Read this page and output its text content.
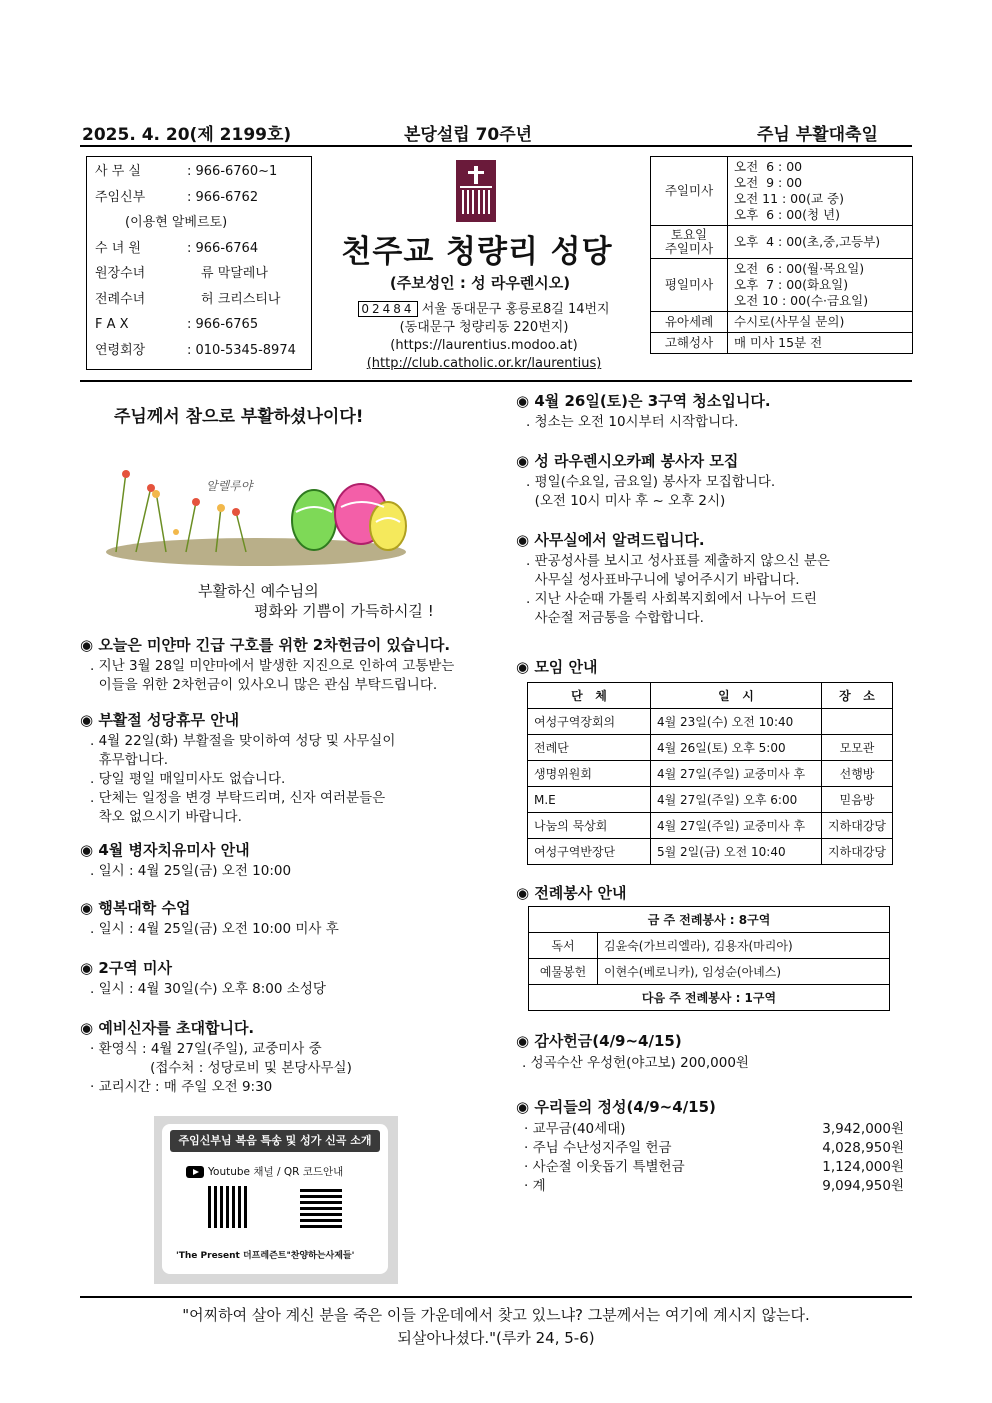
2025. 4. 20(제 2199호)	본당설립 70주년	주님 부활대축일
사 무 실	: 966-6760~1
주임신부	: 966-6762
(이용현 알베르토)
수 녀 원	: 966-6764
원장수녀	류 막달레나
전례수녀	허 크리스티나
F A X	: 966-6765
연령회장	: 010-5345-8974
천주교 청량리 성당
(주보성인 : 성 라우렌시오)
02484 서울 동대문구 홍릉로8길 14번지
(동대문구 청량리동 220번지)
(https://laurentius.modoo.at)
(http://club.catholic.or.kr/laurentius)
주일미사	오전  6 : 00
오전  9 : 00
오전 11 : 00(교 중)
오후  6 : 00(청 년)

토요일
주일미사	오후  4 : 00(초,중,고등부)

평일미사	오전  6 : 00(월·목요일)
오후  7 : 00(화요일)
오전 10 : 00(수·금요일)

유아세례	수시로(사무실 문의)

고해성사	매 미사 15분 전
주님께서 참으로 부활하셨나이다!
알렐루야
부활하신 예수님의
평화와 기쁨이 가득하시길 !
◉ 오늘은 미얀마 긴급 구호를 위한 2차헌금이 있습니다.
. 지난 3월 28일 미얀마에서 발생한 지진으로 인하여 고통받는
이들을 위한 2차헌금이 있사오니 많은 관심 부탁드립니다.
◉ 부활절 성당휴무 안내
. 4월 22일(화) 부활절을 맞이하여 성당 및 사무실이
휴무합니다.
. 당일 평일 매일미사도 없습니다.
. 단체는 일정을 변경 부탁드리며, 신자 여러분들은
착오 없으시기 바랍니다.
◉ 4월 병자치유미사 안내
. 일시 : 4월 25일(금) 오전 10:00
◉ 행복대학 수업
. 일시 : 4월 25일(금) 오전 10:00 미사 후
◉ 2구역 미사
. 일시 : 4월 30일(수) 오후 8:00 소성당
◉ 예비신자를 초대합니다.
· 환영식 : 4월 27일(주일), 교중미사 중
(접수처 : 성당로비 및 본당사무실)
· 교리시간 : 매 주일 오전 9:30
주임신부님 복음 특송 및 성가 신곡 소개
Youtube 채널 / QR 코드안내
'The Present 더프레즌트'
'찬양하는사제들'
◉ 4월 26일(토)은 3구역 청소입니다.
. 청소는 오전 10시부터 시작합니다.
◉ 성 라우렌시오카페 봉사자 모집
. 평일(수요일, 금요일) 봉사자 모집합니다.
(오전 10시 미사 후 ~ 오후 2시)
◉ 사무실에서 알려드립니다.
. 판공성사를 보시고 성사표를 제출하지 않으신 분은
사무실 성사표바구니에 넣어주시기 바랍니다.
. 지난 사순때 가톨릭 사회복지회에서 나누어 드린
사순절 저금통을 수합합니다.
◉ 모임 안내
단   체	일   시	장   소
여성구역장회의	4월 23일(수) 오전 10:40	
전례단	4월 26일(토) 오후 5:00	모모관
생명위원회	4월 27일(주일) 교중미사 후	선행방
M.E	4월 27일(주일) 오후 6:00	믿음방
나눔의 묵상회	4월 27일(주일) 교중미사 후	지하대강당
여성구역반장단	5월 2일(금) 오전 10:40	지하대강당
◉ 전례봉사 안내
금 주 전례봉사 : 8구역	
독서	김윤숙(가브리엘라), 김용자(마리아)
예물봉헌	이현수(베로니카), 임성순(아녜스)
다음 주 전례봉사 : 1구역	
◉ 감사헌금(4/9~4/15)
. 성곡수산 우성헌(야고보) 200,000원
◉ 우리들의 정성(4/9~4/15)
· 교무금(40세대)	3,942,000원
· 주님 수난성지주일 헌금	4,028,950원
· 사순절 이웃돕기 특별헌금	1,124,000원
· 계	9,094,950원
"어찌하여 살아 계신 분을 죽은 이들 가운데에서 찾고 있느냐? 그분께서는 여기에 계시지 않는다.
되살아나셨다."(루카 24, 5-6)
